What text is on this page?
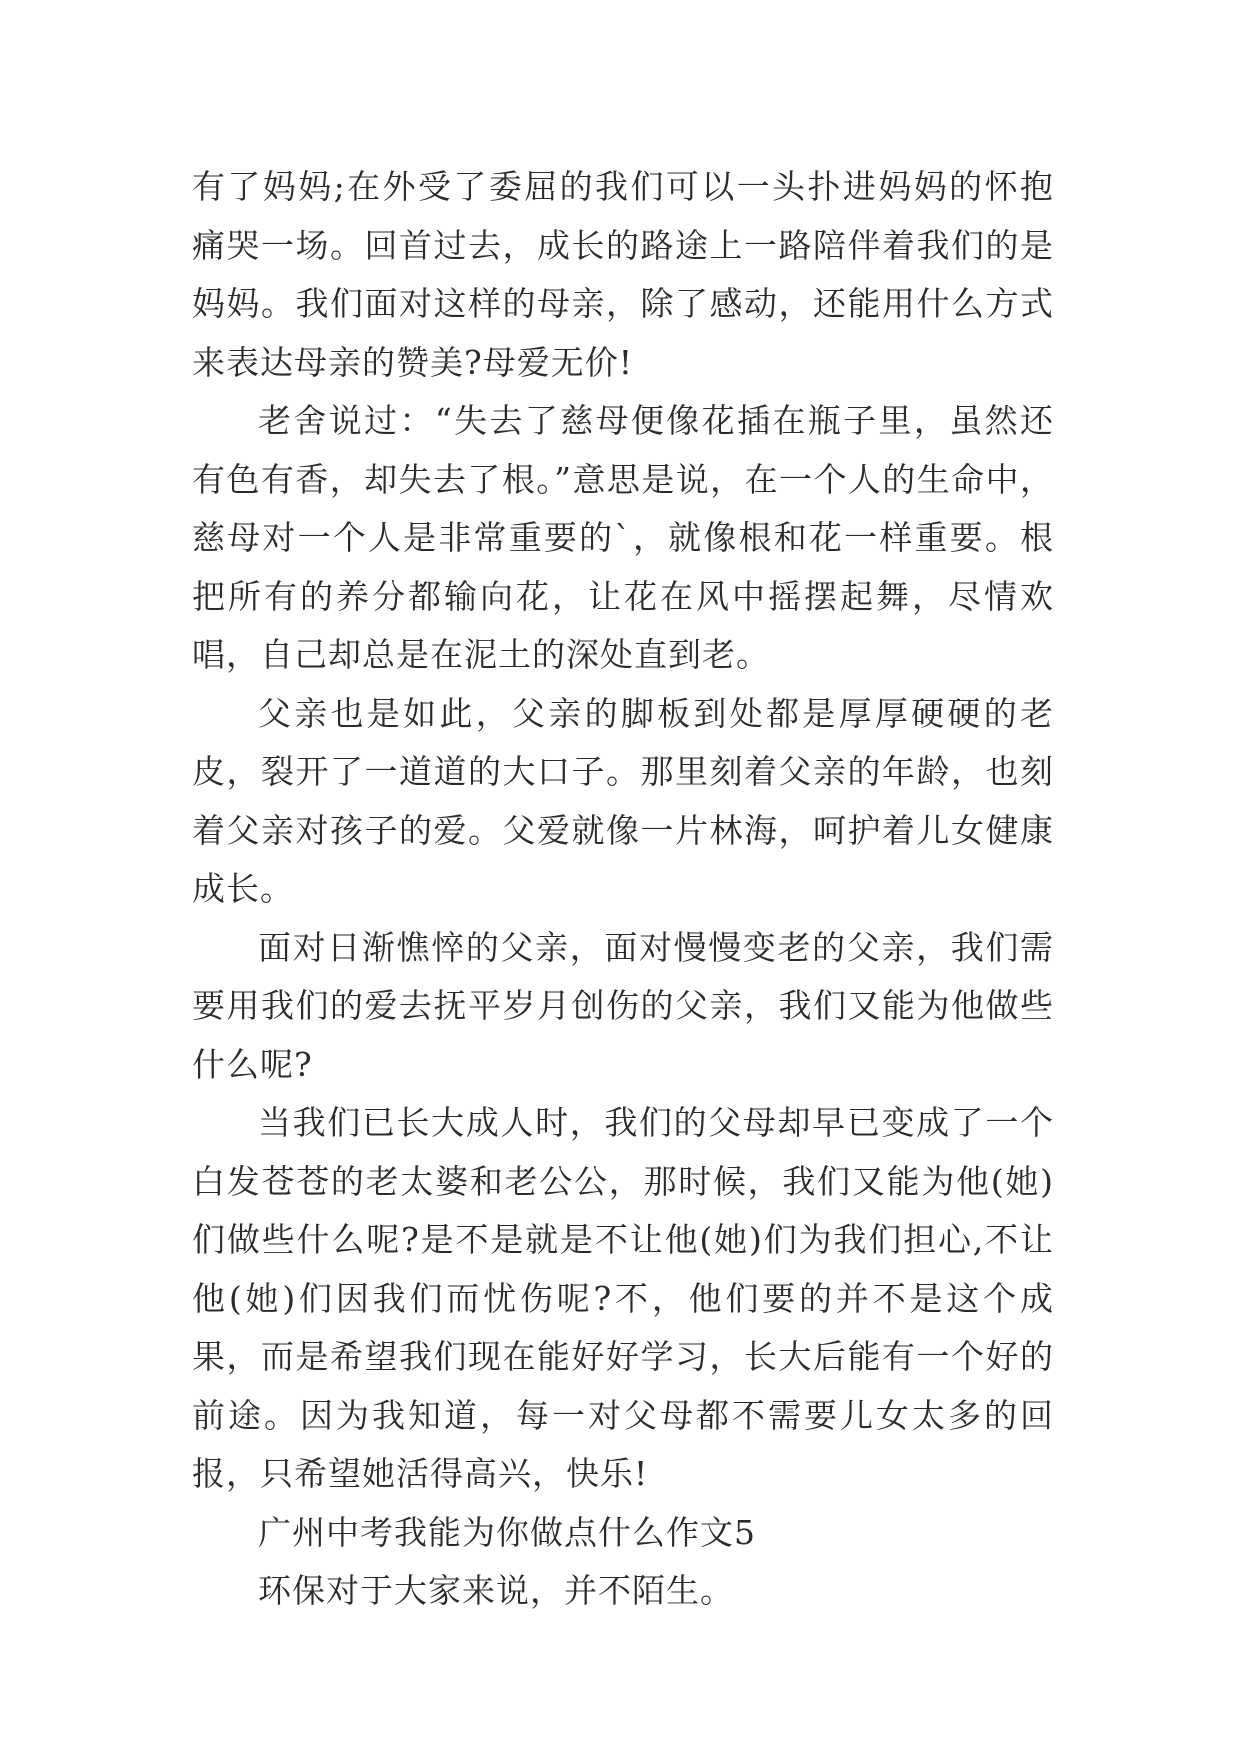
有了妈妈;在外受了委屈的我们可以一头扑进妈妈的怀抱痛哭一场。回首过去，成长的路途上一路陪伴着我们的是妈妈。我们面对这样的母亲，除了感动，还能用什么方式来表达母亲的赞美?母爱无价!

老舍说过：“失去了慈母便像花插在瓶子里，虽然还有色有香，却失去了根。”意思是说，在一个人的生命中，慈母对一个人是非常重要的`，就像根和花一样重要。根把所有的养分都输向花，让花在风中摇摆起舞，尽情欢唱，自己却总是在泥土的深处直到老。

父亲也是如此，父亲的脚板到处都是厚厚硬硬的老皮，裂开了一道道的大口子。那里刻着父亲的年龄，也刻着父亲对孩子的爱。父爱就像一片林海，呵护着儿女健康成长。

面对日渐憔悴的父亲，面对慢慢变老的父亲，我们需要用我们的爱去抚平岁月创伤的父亲，我们又能为他做些什么呢?

当我们已长大成人时，我们的父母却早已变成了一个白发苍苍的老太婆和老公公，那时候，我们又能为他(她)们做些什么呢?是不是就是不让他(她)们为我们担心,不让他(她)们因我们而忧伤呢?不，他们要的并不是这个成果，而是希望我们现在能好好学习，长大后能有一个好的前途。因为我知道，每一对父母都不需要儿女太多的回报，只希望她活得高兴，快乐!

广州中考我能为你做点什么作文5

环保对于大家来说，并不陌生。
